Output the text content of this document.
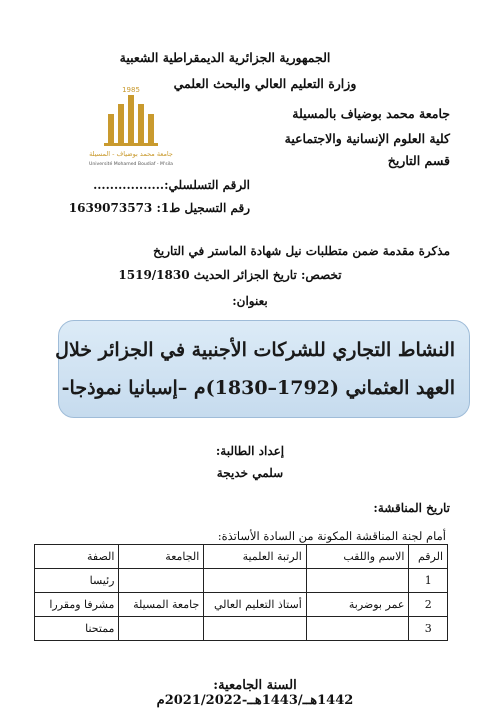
الجمهورية الجزائرية الديمقراطية الشعبية
وزارة التعليم العالي والبحث العلمي
جامعة محمد بوضياف بالمسيلة
كلية العلوم الإنسانية والاجتماعية
قسم التاريخ
1985
جامعة محمد بوضياف - المسيلة
Université Mohamed Boudiaf - M'sila
الرقم التسلسلي:.................
رقم التسجيل ط1: 1639073573
مذكرة مقدمة ضمن متطلبات نيل شهادة الماستر في التاريخ
تخصص: تاريخ الجزائر الحديث 1519/1830
بعنوان:
النشاط التجاري للشركات الأجنبية في الجزائر خلال
العهد العثماني (1792–1830)م –إسبانيا نموذجا-
إعداد الطالبة:
سلمي خديجة
تاريخ المناقشة:
أمام لجنة المناقشة المكونة من السادة الأساتذة:
الرقم	الاسم واللقب	الرتبة العلمية	الجامعة	الصفة
1				رئيسا
2	عمر بوضربة	أستاذ التعليم العالي	جامعة المسيلة	مشرفا ومقررا
3				ممتحنا
السنة الجامعية: 1442هــ/1443هــ-2021/2022م
